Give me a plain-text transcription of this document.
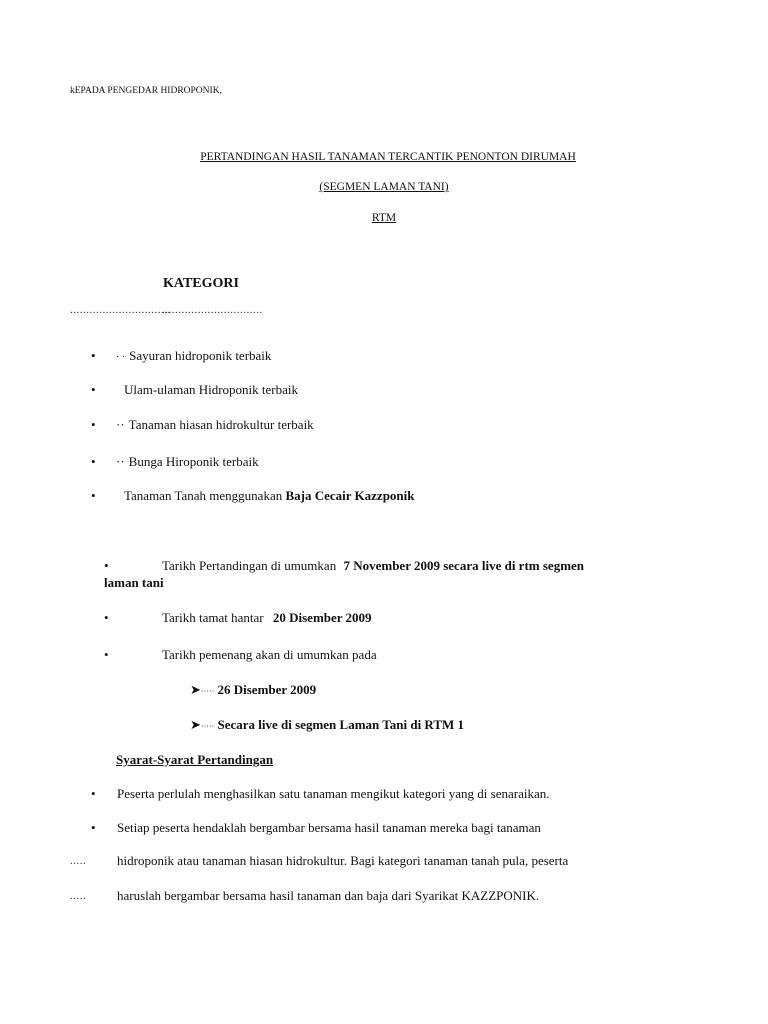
kEPADA PENGEDAR HIDROPONIK,
PERTANDINGAN HASIL TANAMAN TERCANTIK PENONTON DIRUMAH
(SEGMEN LAMAN TANI)
RTM
KATEGORI
...............................
...............................
• · · Sayuran hidroponik terbaik
• Ulam-ulaman Hidroponik terbaik
• ·· Tanaman hiasan hidrokultur terbaik
• ·· Bunga Hiroponik terbaik
• Tanaman Tanah menggunakan Baja Cecair Kazzponik
•	Tarikh Pertandingan di umumkan 7 November 2009 secara live di rtm segmen
laman tani
•	Tarikh tamat hantar 20 Disember 2009
•	Tarikh pemenang akan di umumkan pada
➤····· 26 Disember 2009
➤····· Secara live di segmen Laman Tani di RTM 1
Syarat-Syarat Pertandingan
• Peserta perlulah menghasilkan satu tanaman mengikut kategori yang di senaraikan.
• Setiap peserta hendaklah bergambar bersama hasil tanaman mereka bagi tanaman
..... hidroponik atau tanaman hiasan hidrokultur. Bagi kategori tanaman tanah pula, peserta
..... haruslah bergambar bersama hasil tanaman dan baja dari Syarikat KAZZPONIK.
